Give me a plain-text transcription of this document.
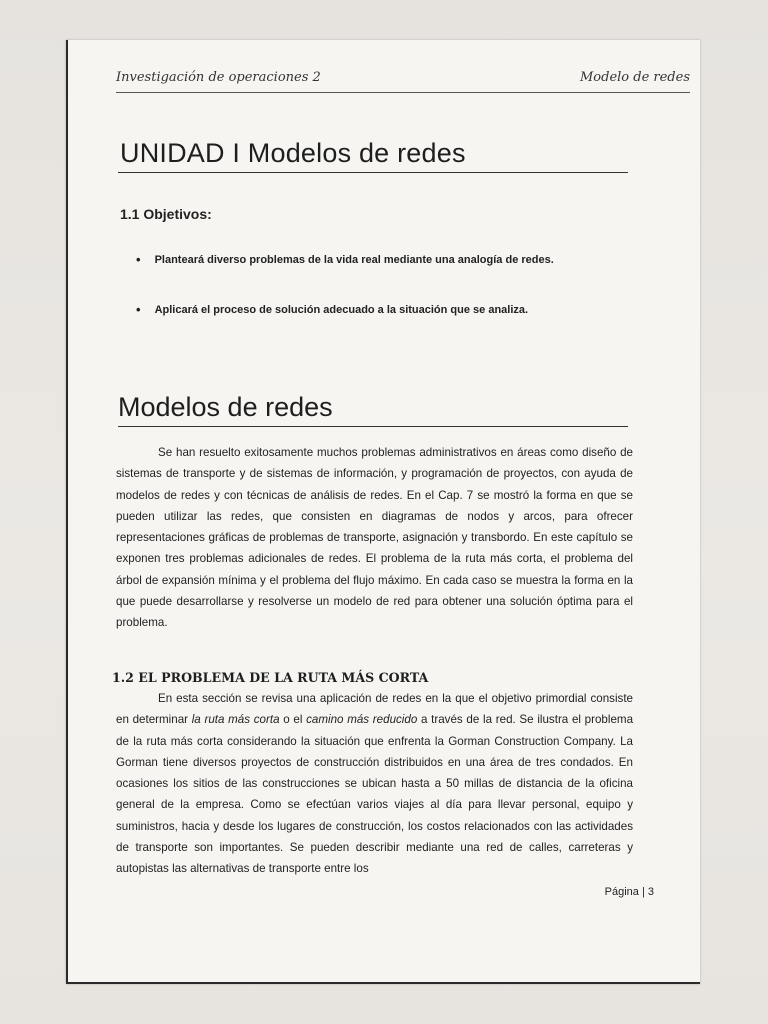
Investigación de operaciones 2	Modelo de redes
UNIDAD I Modelos de redes
1.1 Objetivos:
• Planteará diverso problemas de la vida real mediante una analogía de redes.
• Aplicará el proceso de solución adecuado a la situación que se analiza.
Modelos de redes
Se han resuelto exitosamente muchos problemas administrativos en áreas como diseño de sistemas de transporte y de sistemas de información, y programación de proyectos, con ayuda de modelos de redes y con técnicas de análisis de redes. En el Cap. 7 se mostró la forma en que se pueden utilizar las redes, que consisten en diagramas de nodos y arcos, para ofrecer representaciones gráficas de problemas de transporte, asignación y transbordo. En este capítulo se exponen tres problemas adicionales de redes. El problema de la ruta más corta, el problema del árbol de expansión mínima y el problema del flujo máximo. En cada caso se muestra la forma en la que puede desarrollarse y resolverse un modelo de red para obtener una solución óptima para el problema.
1.2 EL PROBLEMA DE LA RUTA MÁS CORTA
En esta sección se revisa una aplicación de redes en la que el objetivo primordial consiste en determinar la ruta más corta o el camino más reducido a través de la red. Se ilustra el problema de la ruta más corta considerando la situación que enfrenta la Gorman Construction Company. La Gorman tiene diversos proyectos de construcción distribuidos en una área de tres condados. En ocasiones los sitios de las construcciones se ubican hasta a 50 millas de distancia de la oficina general de la empresa. Como se efectúan varios viajes al día para llevar personal, equipo y suministros, hacia y desde los lugares de construcción, los costos relacionados con las actividades de transporte son importantes. Se pueden describir mediante una red de calles, carreteras y autopistas las alternativas de transporte entre los
Página | 3
